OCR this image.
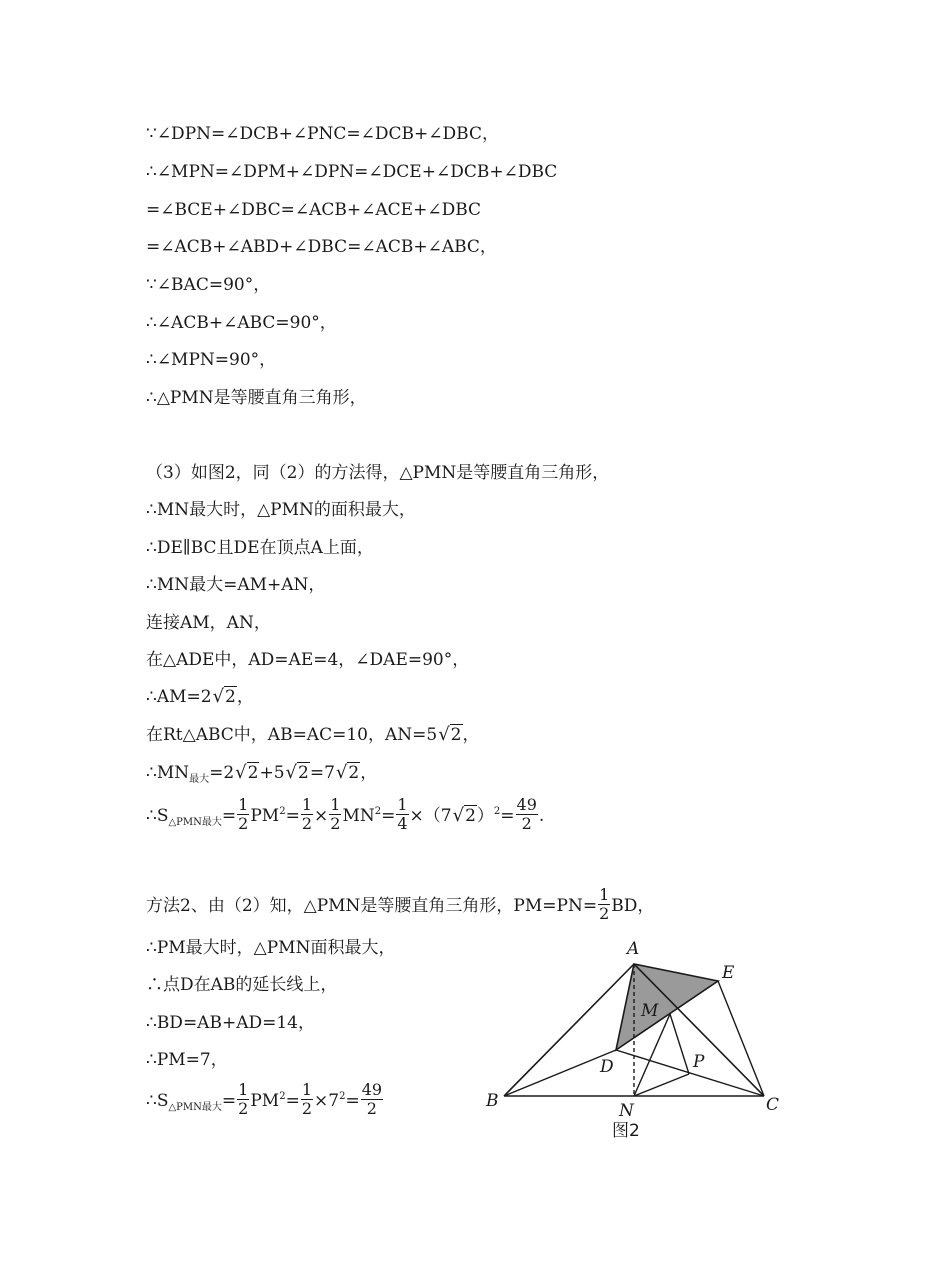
∵∠DPN=∠DCB+∠PNC=∠DCB+∠DBC，
∴∠MPN=∠DPM+∠DPN=∠DCE+∠DCB+∠DBC
=∠BCE+∠DBC=∠ACB+∠ACE+∠DBC
=∠ACB+∠ABD+∠DBC=∠ACB+∠ABC，
∵∠BAC=90°，
∴∠ACB+∠ABC=90°，
∴∠MPN=90°，
∴△PMN是等腰直角三角形，
（3）如图2，同（2）的方法得，△PMN是等腰直角三角形，
∴MN最大时，△PMN的面积最大，
∴DE∥BC且DE在顶点A上面，
∴MN最大=AM+AN，
连接AM，AN，
在△ADE中，AD=AE=4，∠DAE=90°，
∴AM=2√2，
在Rt△ABC中，AB=AC=10，AN=5√2，
$\therefore MN_{最大}=2√2+5√2=7√2$，
$\therefore S_{\triangle PMN最大}= \frac{1}{2} PM^2= \frac{1}{2} \times \frac{1}{2} MN^2= \frac{1}{4} \times(7√2)^2= \frac{49}{2}$ .
方法2、由（2）知，△PMN是等腰直角三角形，$PM=PN= \frac{1}{2}$ BD，
∴PM最大时，△PMN面积最大，
∴点D在AB的延长线上，
∴BD=AB+AD=14，
∴PM=7，
$\therefore S_{\triangle PMN最大}= \frac{1}{2} PM^2= \frac{1}{2} \times 7^2= \frac{49}{2}$
A
E
M
D	P
B	N	C
图2
